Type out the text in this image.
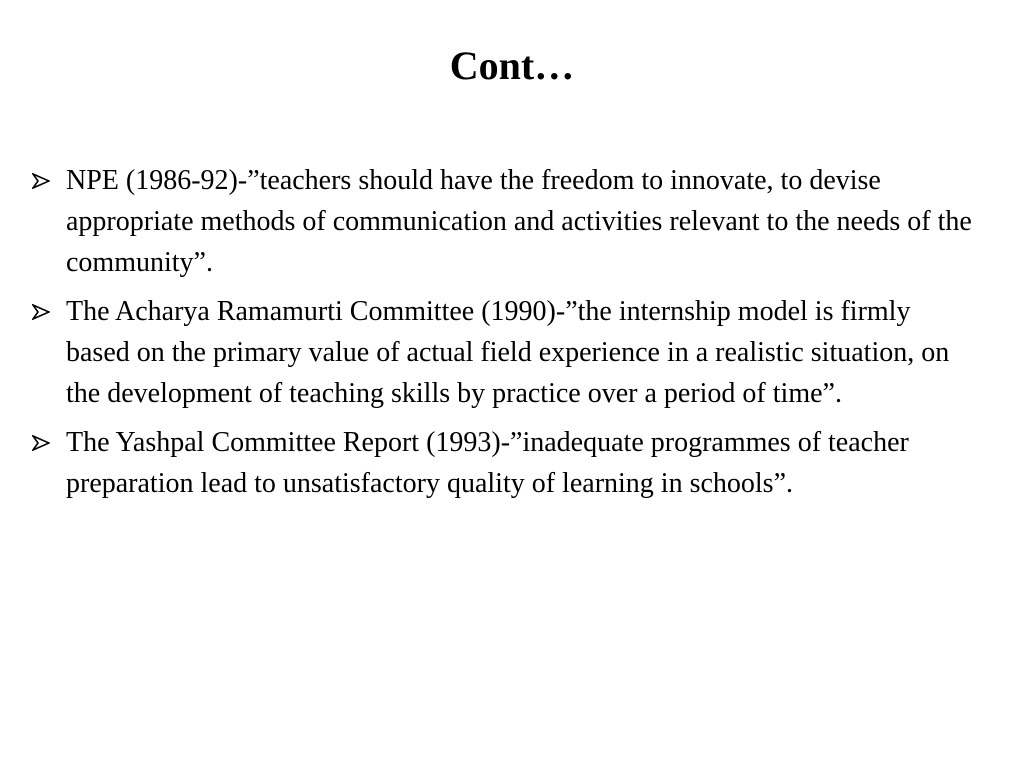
Cont…
NPE (1986-92)-”teachers should have the freedom to innovate, to devise appropriate methods of communication and activities relevant to the needs of the community”.
The Acharya Ramamurti Committee (1990)-”the internship model is firmly based on the primary value of actual field experience in a realistic situation, on the development of teaching skills by practice over a period of time”.
The Yashpal Committee Report (1993)-”inadequate programmes of teacher preparation lead to unsatisfactory quality of learning in schools”.
